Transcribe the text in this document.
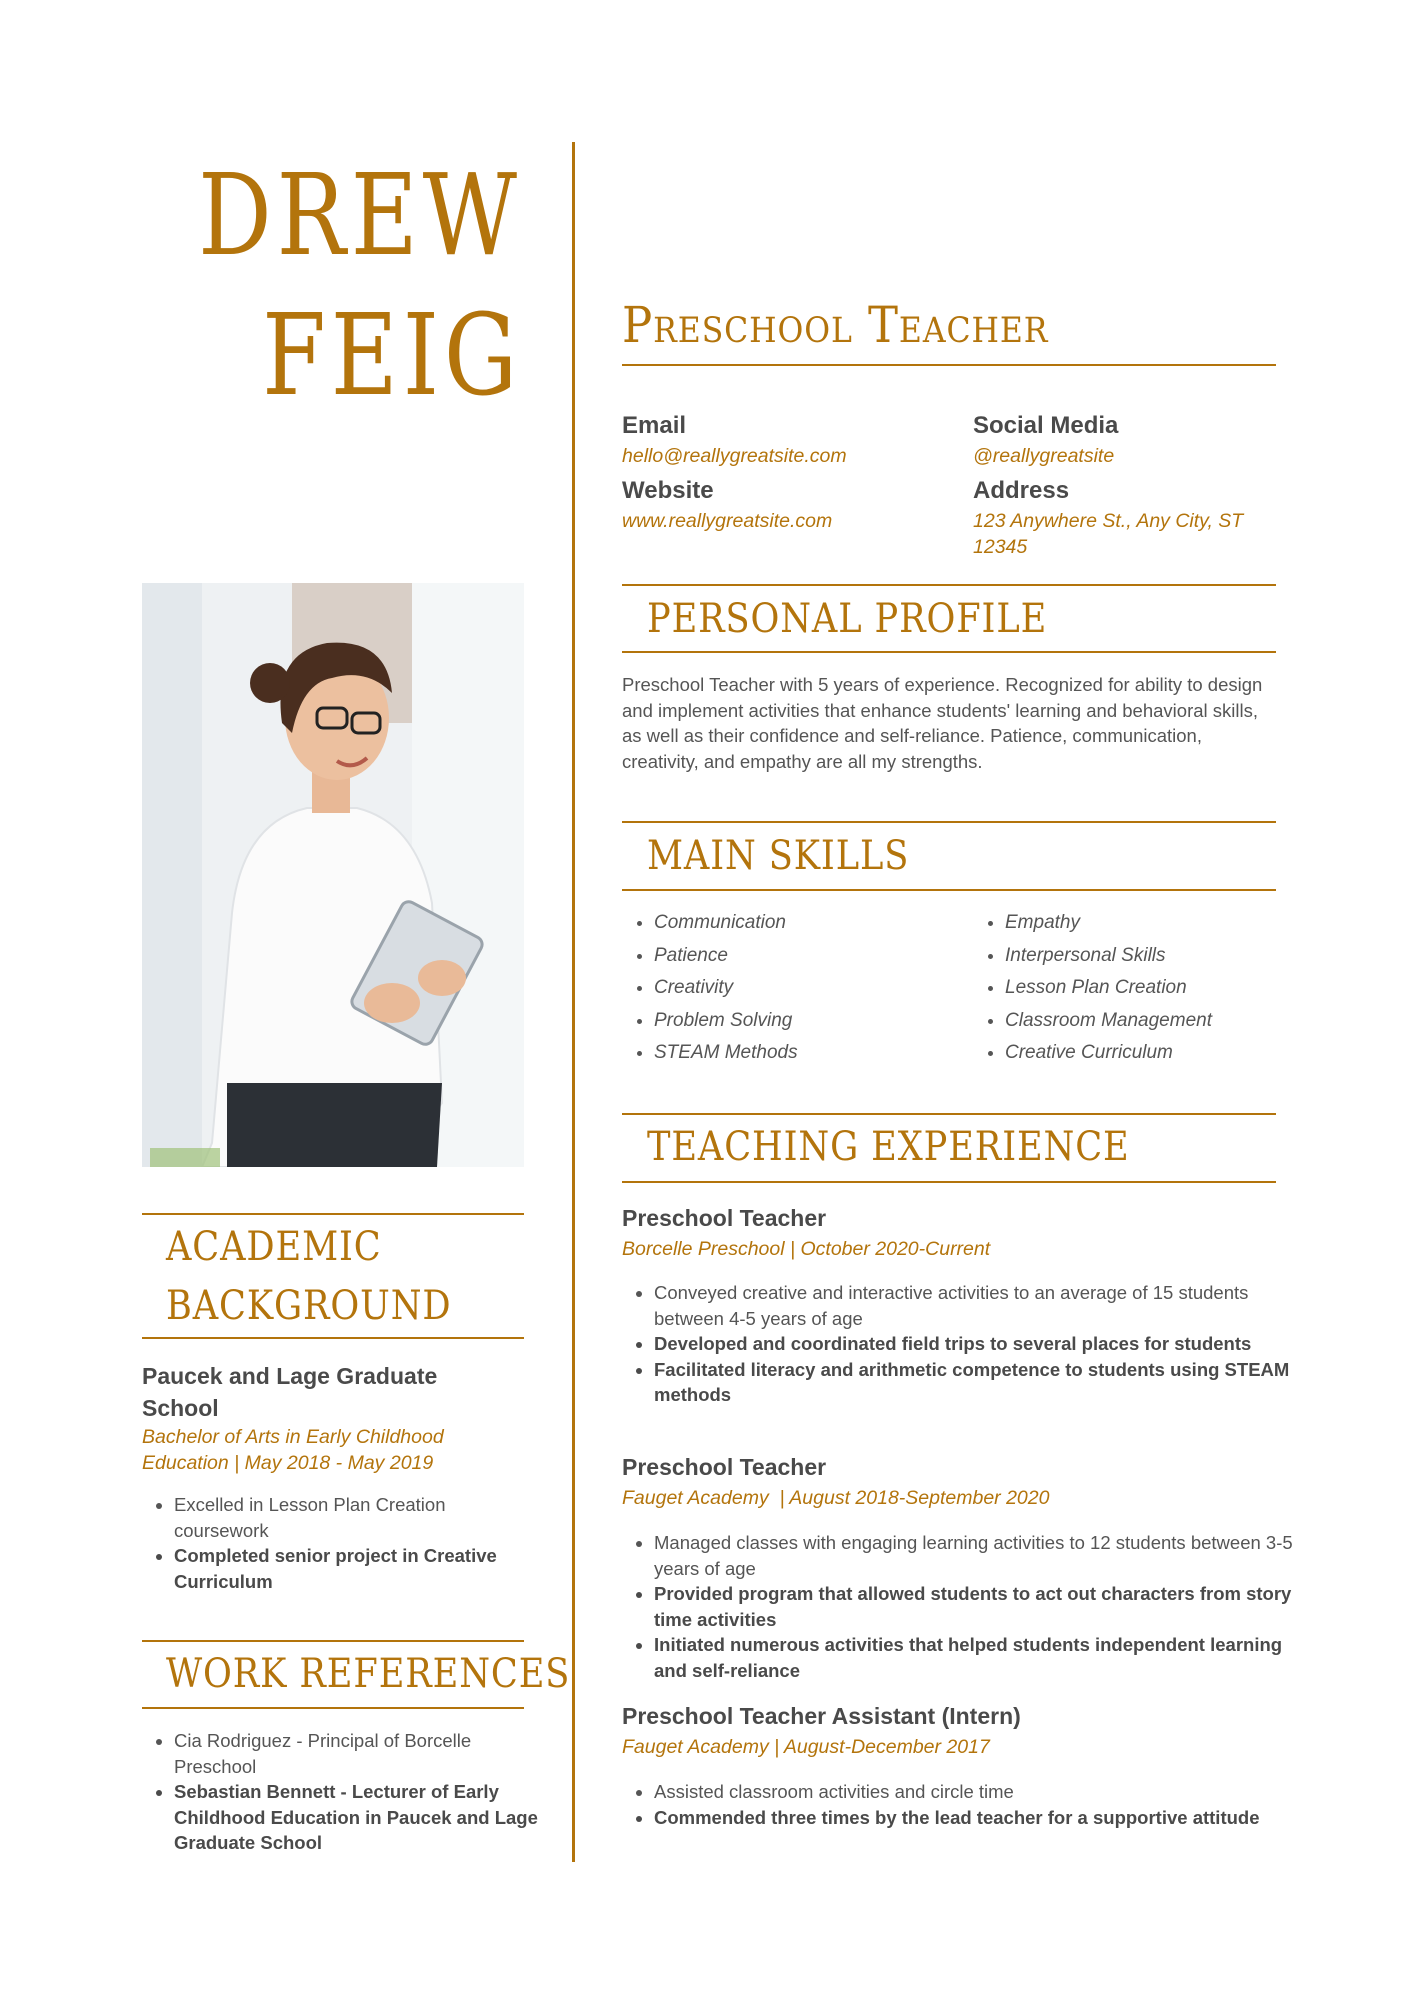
DREW
FEIG Preschool Teacher
Email
hello@reallygreatsite.com
Social Media
@reallygreatsite
Website
www.reallygreatsite.com
Address
123 Anywhere St., Any City, ST
12345
PERSONAL PROFILE
Preschool Teacher with 5 years of experience. Recognized for ability to design and implement activities that enhance students' learning and behavioral skills, as well as their confidence and self-reliance. Patience, communication, creativity, and empathy are all my strengths.
MAIN SKILLS
• Communication
• Patience
• Creativity
• Problem Solving
• STEAM Methods
• Empathy
• Interpersonal Skills
• Lesson Plan Creation
• Classroom Management
• Creative Curriculum
TEACHING EXPERIENCE
Preschool Teacher
Borcelle Preschool | October 2020-Current
• Conveyed creative and interactive activities to an average of 15 students between 4-5 years of age
• Developed and coordinated field trips to several places for students
• Facilitated literacy and arithmetic competence to students using STEAM methods
Preschool Teacher
Fauget Academy  | August 2018-September 2020
• Managed classes with engaging learning activities to 12 students between 3-5 years of age
• Provided program that allowed students to act out characters from story time activities
• Initiated numerous activities that helped students independent learning and self-reliance
Preschool Teacher Assistant (Intern)
Fauget Academy | August-December 2017
• Assisted classroom activities and circle time
• Commended three times by the lead teacher for a supportive attitude
ACADEMIC
BACKGROUND
Paucek and Lage Graduate School
Bachelor of Arts in Early Childhood Education | May 2018 - May 2019
• Excelled in Lesson Plan Creation coursework
• Completed senior project in Creative Curriculum
WORK REFERENCES
• Cia Rodriguez - Principal of Borcelle Preschool
• Sebastian Bennett - Lecturer of Early Childhood Education in Paucek and Lage Graduate School
